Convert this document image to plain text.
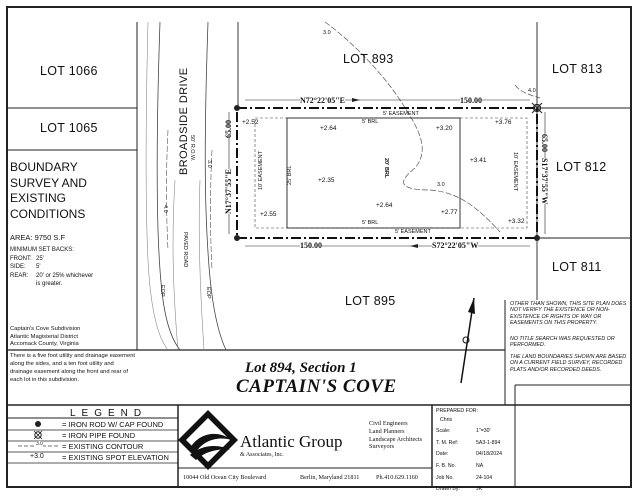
LOT 1066
LOT 1065
LOT 893
LOT 813
LOT 812
LOT 811
LOT 895
BOUNDARY
SURVEY AND
EXISTING
CONDITIONS
AREA: 9750 S.F
MINIMUM SET BACKS:
FRONT: 25'
SIDE: 5'
REAR: 20' or 25% whichever
is greater.
Captain's Cove Subdivision
Atlantic Magisterial District
Accomack County, Virginia
There is a five foot utility and drainage easement along the sides, and a ten foot utility and drainage easement along the front and rear of each lot in this subdivision.
BROADSIDE DRIVE 50' R.O.W.
PAVED ROAD
EOP	EOP
N72°22'05"E	150.00
S72°22'05"W
150.00
N17°37'55"E
65.00
65.00
S17°37'55"W
5' EASEMENT
5' BRL
5' BRL
5' EASEMENT
10' EASEMENT	10' EASEMENT
25' BRL	20' BRL
3.0
4.0
3.0
3.0
4.0
+2.52
+2.64	+3.20
+3.76
+2.35
+3.41
+2.55
+2.64
+2.77
+3.32
Lot 894, Section 1
CAPTAIN'S COVE
OTHER THAN SHOWN, THIS SITE PLAN DOES NOT VERIFY THE EXISTENCE OR NON-EXISTENCE OF RIGHTS OF WAY OR EASEMENTS ON THIS PROPERTY.
NO TITLE SEARCH WAS REQUESTED OR PERFORMED.
THE LAND BOUNDARIES SHOWN ARE BASED ON A CURRENT FIELD SURVEY, RECORDED PLATS AND/OR RECORDED DEEDS.
LEGEND
= IRON ROD W/ CAP FOUND
= IRON PIPE FOUND
= EXISTING CONTOUR
= EXISTING SPOT ELEVATION
3.0
+3.0
Atlantic Group
& Associates, Inc.
Civil Engineers
Land Planners
Landscape Architects
Surveyors
10044 Old Ocean City Boulevard	Berlin, Maryland 21811	Ph.410.629.1160
PREPARED FOR:
Chris
Scale:	1"=30'
T. M. Ref:	5A3-1-894
Date:	04/18/2024
F. B. No.	NA
Job No.	24-104
Drawn By:	JK
